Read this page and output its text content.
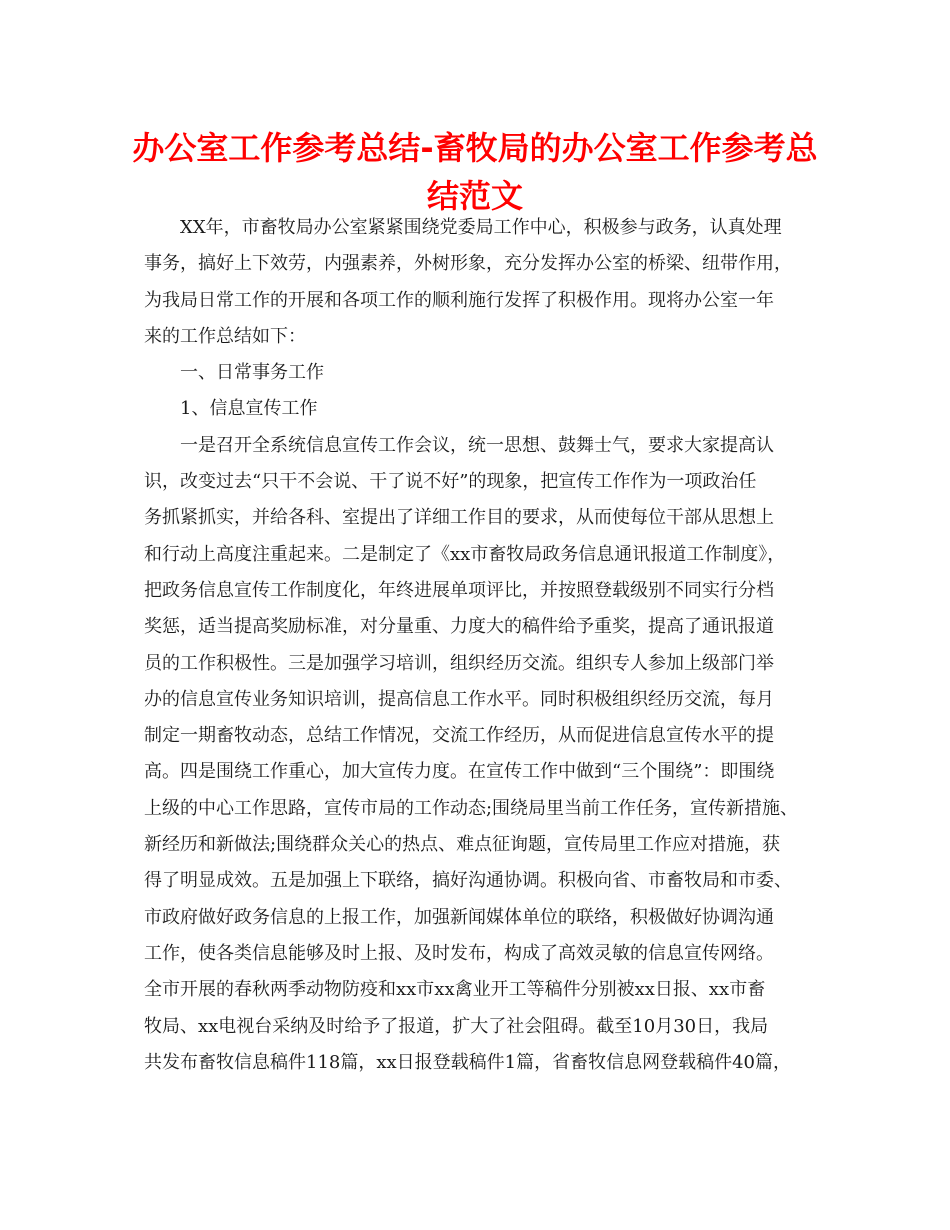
办公室工作参考总结-畜牧局的办公室工作参考总结范文
XX年，市畜牧局办公室紧紧围绕党委局工作中心，积极参与政务，认真处理
事务，搞好上下效劳，内强素养，外树形象，充分发挥办公室的桥梁、纽带作用，
为我局日常工作的开展和各项工作的顺利施行发挥了积极作用。现将办公室一年
来的工作总结如下：
一、日常事务工作
1、信息宣传工作
一是召开全系统信息宣传工作会议，统一思想、鼓舞士气，要求大家提高认
识，改变过去“只干不会说、干了说不好”的现象，把宣传工作作为一项政治任
务抓紧抓实，并给各科、室提出了详细工作目的要求，从而使每位干部从思想上
和行动上高度注重起来。二是制定了《xx市畜牧局政务信息通讯报道工作制度》，
把政务信息宣传工作制度化，年终进展单项评比，并按照登载级别不同实行分档
奖惩，适当提高奖励标准，对分量重、力度大的稿件给予重奖，提高了通讯报道
员的工作积极性。三是加强学习培训，组织经历交流。组织专人参加上级部门举
办的信息宣传业务知识培训，提高信息工作水平。同时积极组织经历交流，每月
制定一期畜牧动态，总结工作情况，交流工作经历，从而促进信息宣传水平的提
高。四是围绕工作重心，加大宣传力度。在宣传工作中做到“三个围绕”：即围绕
上级的中心工作思路，宣传市局的工作动态;围绕局里当前工作任务，宣传新措施、
新经历和新做法;围绕群众关心的热点、难点征询题，宣传局里工作应对措施，获
得了明显成效。五是加强上下联络，搞好沟通协调。积极向省、市畜牧局和市委、
市政府做好政务信息的上报工作，加强新闻媒体单位的联络，积极做好协调沟通
工作，使各类信息能够及时上报、及时发布，构成了高效灵敏的信息宣传网络。
全市开展的春秋两季动物防疫和xx市xx禽业开工等稿件分别被xx日报、xx市畜
牧局、xx电视台采纳及时给予了报道，扩大了社会阻碍。截至10月30日，我局
共发布畜牧信息稿件118篇，xx日报登载稿件1篇，省畜牧信息网登载稿件40篇，
